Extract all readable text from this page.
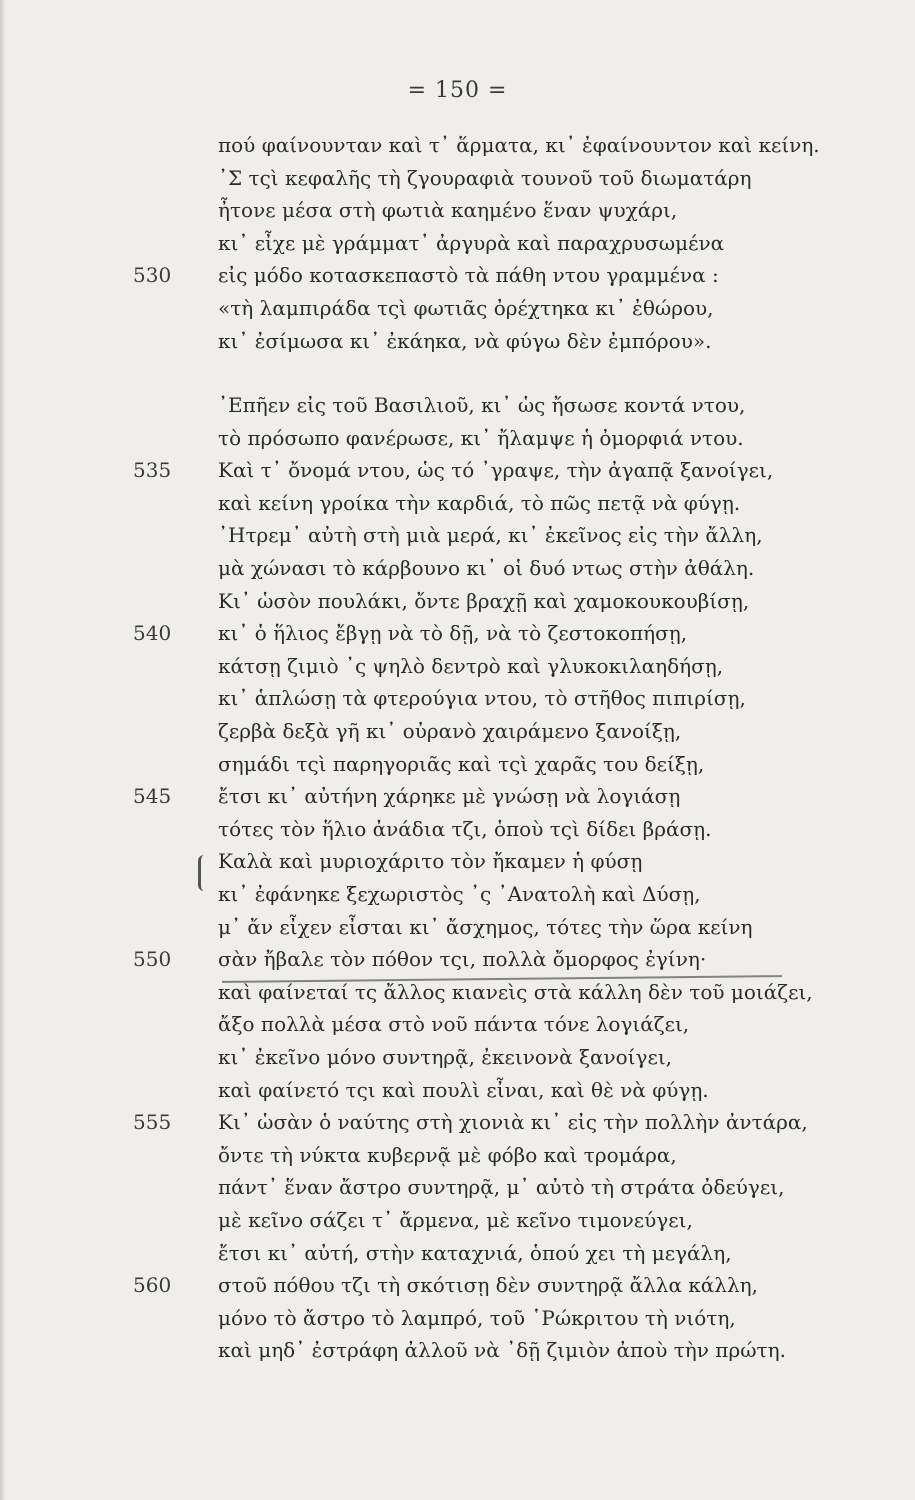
= 150 =
πού φαίνουνταν καὶ τ᾽ ἅρματα, κι᾽ ἐφαίνουντον καὶ κείνη.
᾿Σ τςὶ κεφαλῆς τὴ ζγουραφιὰ τουνοῦ τοῦ διωματάρη
ἦτονε μέσα στὴ φωτιὰ καημένο ἕναν ψυχάρι,
κι᾽ εἶχε μὲ γράμματ᾽ ἀργυρὰ καὶ παραχρυσωμένα
εἰς μόδο κοτασκεπαστὸ τὰ πάθη ντου γραμμένα :
530
«τὴ λαμπιράδα τςὶ φωτιᾶς ὀρέχτηκα κι᾽ ἐθώρου,
κι᾽ ἐσίμωσα κι᾽ ἐκάηκα, νὰ φύγω δὲν ἐμπόρου».
᾿Επῆεν εἰς τοῦ Βασιλιοῦ, κι᾽ ὡς ἤσωσε κοντά ντου,
τὸ πρόσωπο φανέρωσε, κι᾽ ἤλαμψε ἡ ὀμορφιά ντου.
Καὶ τ᾽ ὄνομά ντου, ὡς τό ᾿γραψε, τὴν ἀγαπᾷ ξανοίγει,
535
καὶ κείνη γροίκα τὴν καρδιά, τὸ πῶς πετᾷ νὰ φύγῃ.
᾿Ητρεμ᾽ αὐτὴ στὴ μιὰ μερά, κι᾽ ἐκεῖνος εἰς τὴν ἄλλη,
μὰ χώνασι τὸ κάρβουνο κι᾽ οἱ δυό ντως στὴν ἀθάλη.
Κι᾽ ὡσὸν πουλάκι, ὄντε βραχῇ καὶ χαμοκουκουβίσῃ,
κι᾽ ὁ ἥλιος ἔβγῃ νὰ τὸ δῇ, νὰ τὸ ζεστοκοπήσῃ,
540
κάτσῃ ζιμιὸ ᾿ς ψηλὸ δεντρὸ καὶ γλυκοκιλαηδήσῃ,
κι᾽ ἁπλώσῃ τὰ φτερούγια ντου, τὸ στῆθος πιπιρίσῃ,
ζερβὰ δεξὰ γῆ κι᾽ οὐρανὸ χαιράμενο ξανοίξῃ,
σημάδι τςὶ παρηγοριᾶς καὶ τςὶ χαρᾶς του δείξῃ,
ἔτσι κι᾽ αὐτήνη χάρηκε μὲ γνώσῃ νὰ λογιάσῃ
545
τότες τὸν ἥλιο ἀνάδια τζι, ὁποὺ τςὶ δίδει βράσῃ.
Καλὰ καὶ μυριοχάριτο τὸν ἤκαμεν ἡ φύσῃ
κι᾽ ἐφάνηκε ξεχωριστὸς ᾿ς ᾿Ανατολὴ καὶ Δύσῃ,
μ᾽ ἄν εἶχεν εἶσται κι᾽ ἄσχημος, τότες τὴν ὥρα κείνη
σὰν ἤβαλε τὸν πόθον τςι, πολλὰ ὄμορφος ἐγίνη·
550
καὶ φαίνεταί τς ἄλλος κιανεὶς στὰ κάλλη δὲν τοῦ μοιάζει,
ἄξο πολλὰ μέσα στὸ νοῦ πάντα τόνε λογιάζει,
κι᾽ ἐκεῖνο μόνο συντηρᾷ, ἐκεινονὰ ξανοίγει,
καὶ φαίνετό τςι καὶ πουλὶ εἶναι, καὶ θὲ νὰ φύγῃ.
Κι᾽ ὡσὰν ὁ ναύτης στὴ χιονιὰ κι᾽ εἰς τὴν πολλὴν ἀντάρα,
555
ὄντε τὴ νύκτα κυβερνᾷ μὲ φόβο καὶ τρομάρα,
πάντ᾽ ἕναν ἄστρο συντηρᾷ, μ᾽ αὐτὸ τὴ στράτα ὀδεύγει,
μὲ κεῖνο σάζει τ᾽ ἄρμενα, μὲ κεῖνο τιμονεύγει,
ἔτσι κι᾽ αὐτή, στὴν καταχνιά, ὁπού χει τὴ μεγάλη,
στοῦ πόθου τζι τὴ σκότισῃ δὲν συντηρᾷ ἄλλα κάλλη,
560
μόνο τὸ ἄστρο τὸ λαμπρό, τοῦ ῾Ρώκριτου τὴ νιότη,
καὶ μηδ᾽ ἐστράφη ἀλλοῦ νὰ ᾿δῇ ζιμιὸν ἀποὺ τὴν πρώτη.
